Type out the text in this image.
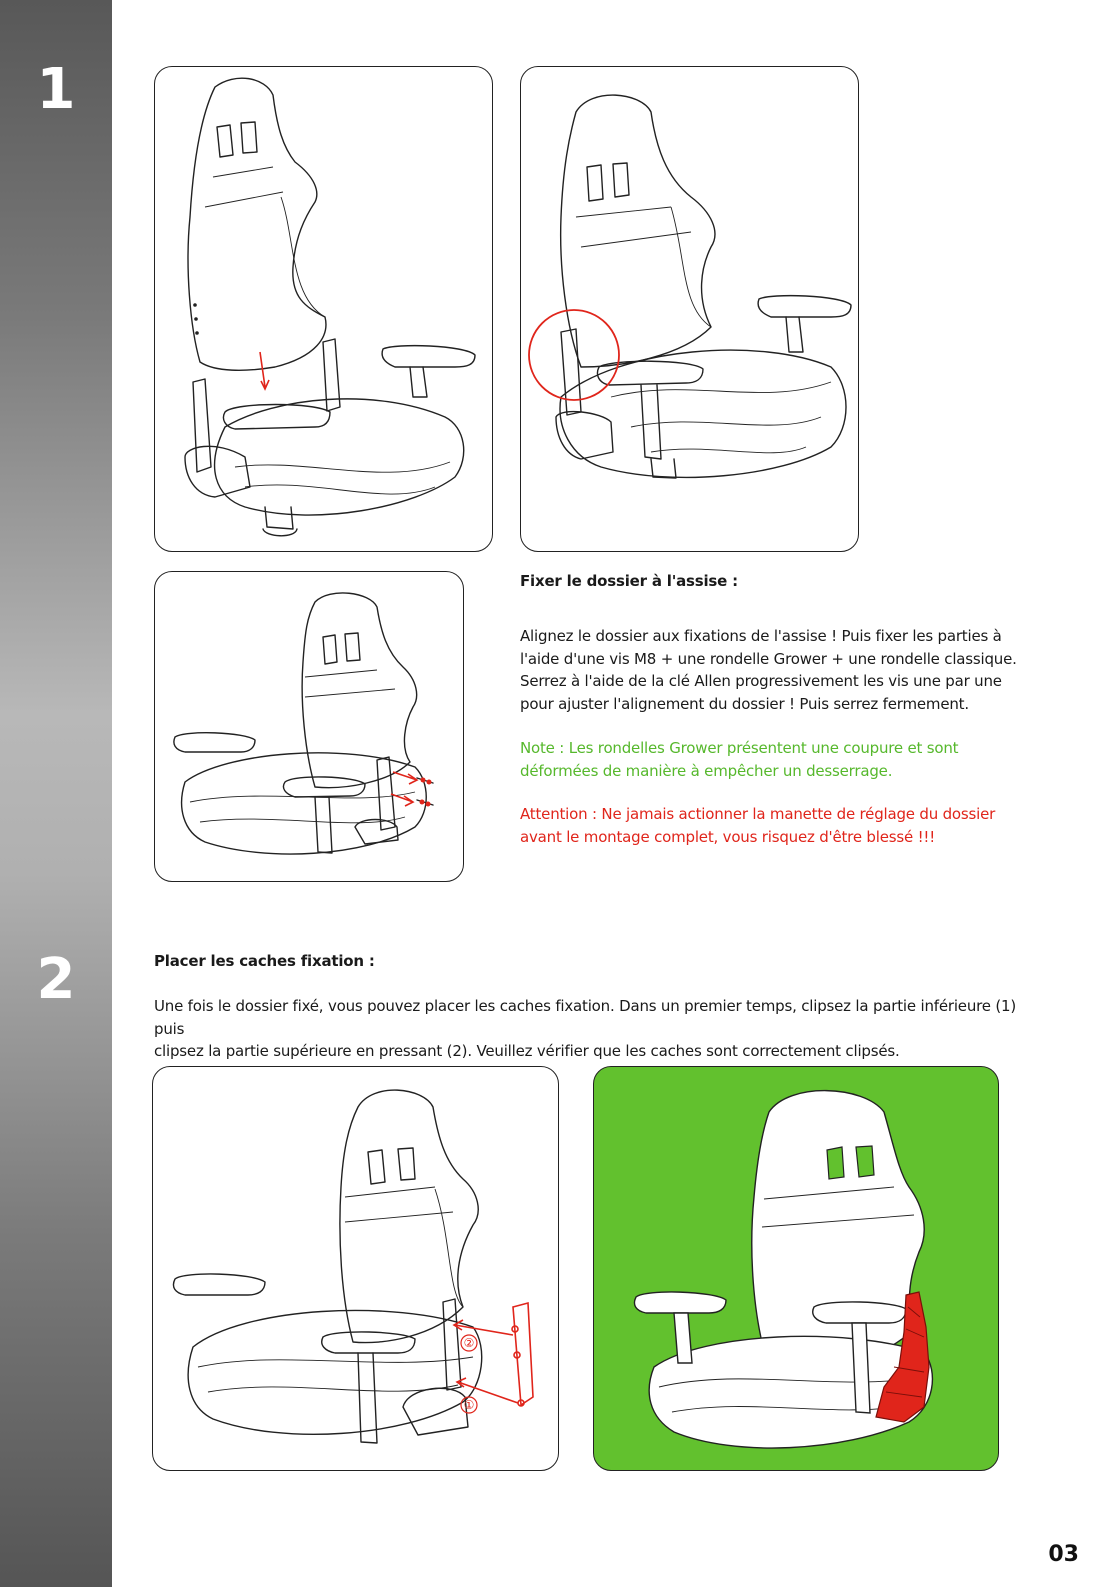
1
2
Fixer le dossier à l'assise :
Alignez le dossier aux fixations de l'assise ! Puis fixer les parties à
l'aide d'une vis M8 + une rondelle Grower + une rondelle classique.
Serrez à l'aide de la clé Allen progressivement les vis une par une
pour ajuster l'alignement du dossier ! Puis serrez fermement.
Note : Les rondelles Grower présentent une coupure et sont
déformées de manière à empêcher un desserrage.
Attention : Ne jamais actionner la manette de réglage du dossier
avant le montage complet, vous risquez d'être blessé !!!
Placer les caches fixation :
Une fois le dossier fixé, vous pouvez placer les caches fixation. Dans un premier temps, clipsez la partie inférieure (1) puis
clipsez la partie supérieure en pressant (2). Veuillez vérifier que les caches sont correctement clipsés.
②
①
03
